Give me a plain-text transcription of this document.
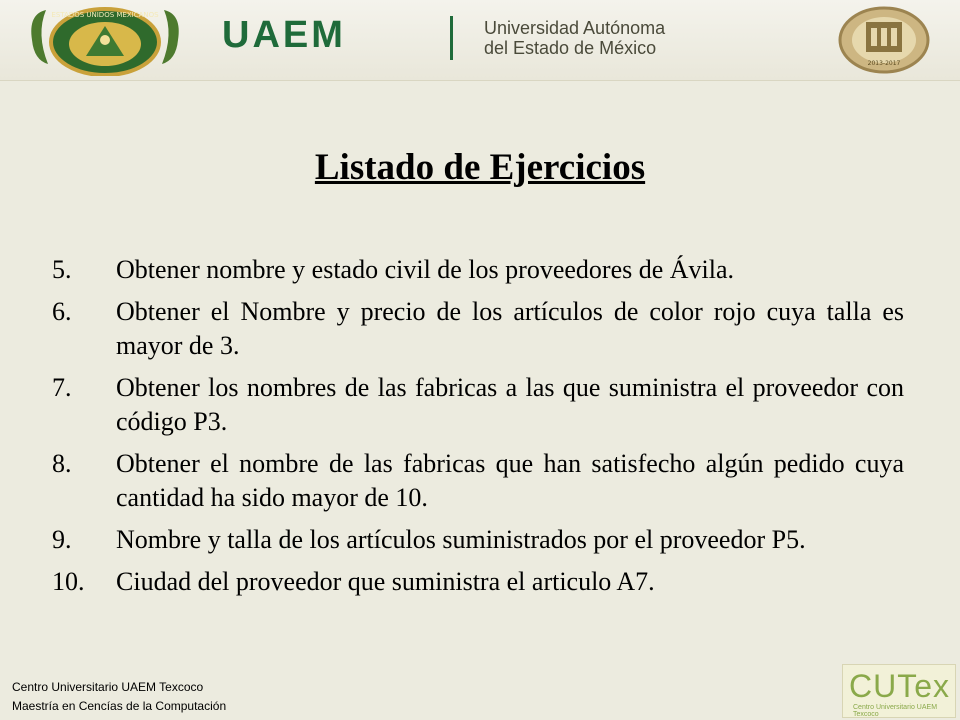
ESTADOS UNIDOS MEXICANOS UAEM	Universidad Autónoma
del Estado de México
2013-2017
Listado de Ejercicios
5. Obtener nombre y estado civil de los proveedores de Ávila.
6. Obtener el Nombre y precio de los artículos de color rojo cuya talla es mayor de 3.
7. Obtener los nombres de las fabricas a las que suministra el proveedor con código P3.
8. Obtener el nombre de las fabricas que han satisfecho algún pedido cuya cantidad ha sido mayor de 10.
9. Nombre y talla de los artículos suministrados por el proveedor P5.
10. Ciudad del proveedor que suministra el articulo A7.
Centro Universitario UAEM Texcoco
Maestría en Cencías de la Computación
CUTex
Centro Universitario UAEM Texcoco
